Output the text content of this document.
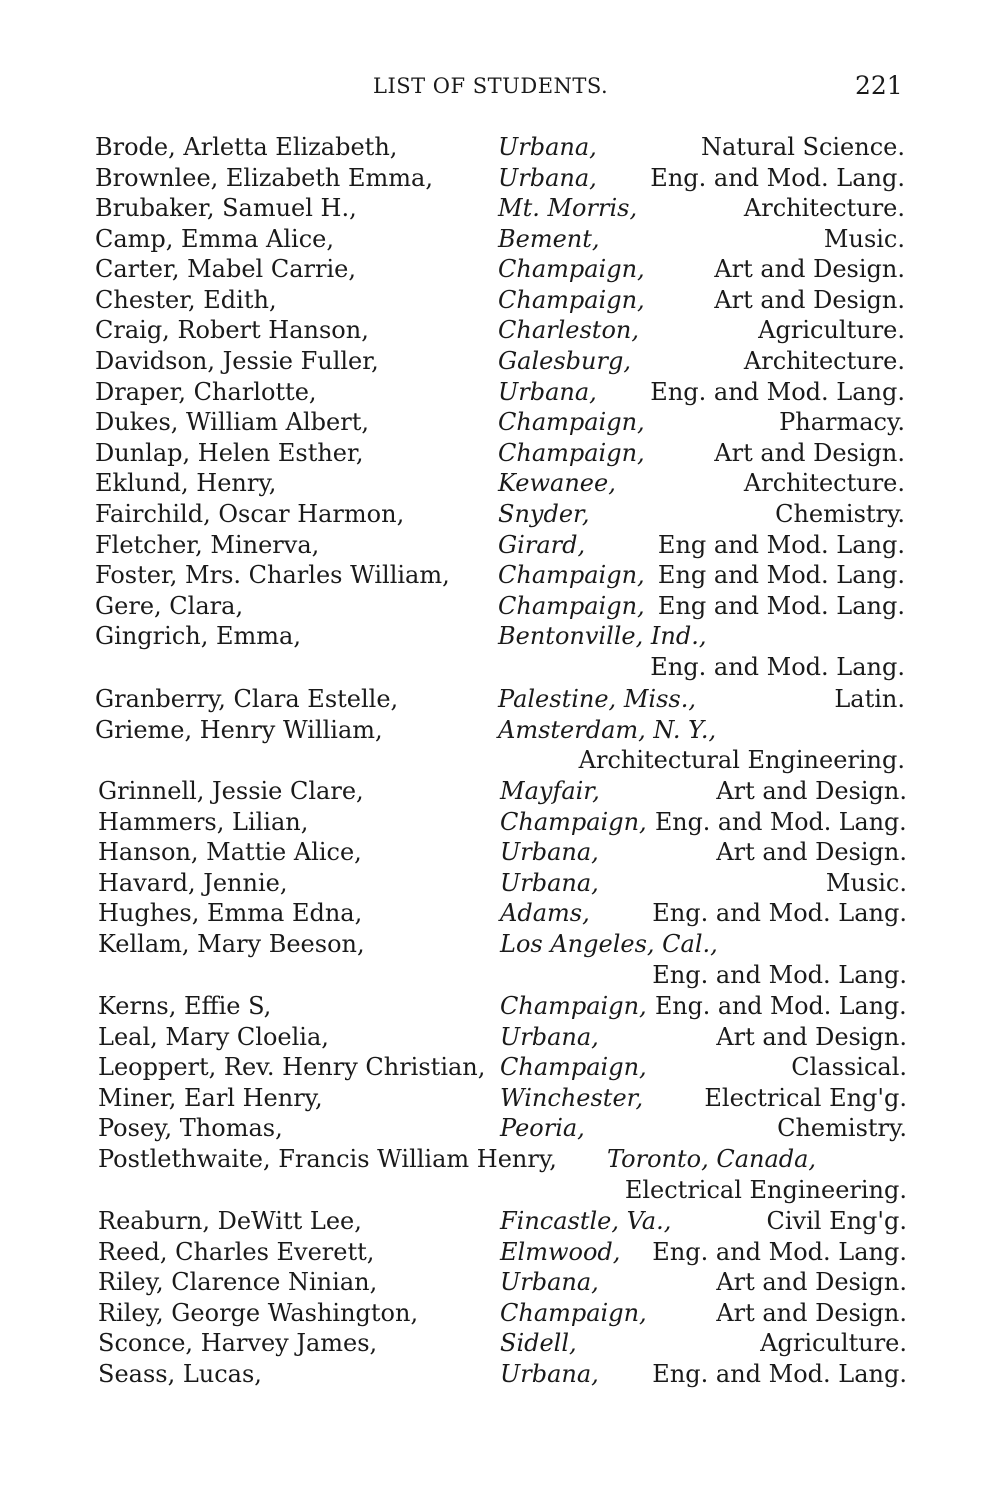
LIST OF STUDENTS.	221
Brode, Arletta Elizabeth,	Urbana,	Natural Science.
Brownlee, Elizabeth Emma,	Urbana, Eng. and Mod. Lang.
Brubaker, Samuel H.,	Mt. Morris,	Architecture.
Camp, Emma Alice,	Bement,	Music.
Carter, Mabel Carrie,	Champaign,	Art and Design.
Chester, Edith,	Champaign,	Art and Design.
Craig, Robert Hanson,	Charleston,	Agriculture.
Davidson, Jessie Fuller,	Galesburg,	Architecture.
Draper, Charlotte,	Urbana, Eng. and Mod. Lang.
Dukes, William Albert,	Champaign,	Pharmacy.
Dunlap, Helen Esther,	Champaign,	Art and Design.
Eklund, Henry,	Kewanee,	Architecture.
Fairchild, Oscar Harmon,	Snyder,	Chemistry.
Fletcher, Minerva,	Girard,	Eng and Mod. Lang.
Foster, Mrs. Charles William, Champaign, Eng and Mod. Lang.
Gere, Clara,	Champaign, Eng and Mod. Lang.
Gingrich, Emma,	Bentonville, Ind.,
Eng. and Mod. Lang.
Granberry, Clara Estelle,	Palestine, Miss.,	Latin.
Grieme, Henry William,	Amsterdam, N. Y.,
Architectural Engineering.
Grinnell, Jessie Clare,	Mayfair,	Art and Design.
Hammers, Lilian,	Champaign, Eng. and Mod. Lang.
Hanson, Mattie Alice,	Urbana,	Art and Design.
Havard, Jennie,	Urbana,	Music.
Hughes, Emma Edna,	Adams,	Eng. and Mod. Lang.
Kellam, Mary Beeson,	Los Angeles, Cal.,
Eng. and Mod. Lang.
Kerns, Effie S,	Champaign, Eng. and Mod. Lang.
Leal, Mary Cloelia,	Urbana,	Art and Design.
Leoppert, Rev. Henry Christian, Champaign,	Classical.
Miner, Earl Henry,	Winchester,	Electrical Eng'g.
Posey, Thomas,	Peoria,	Chemistry.
Postlethwaite, Francis William Henry, Toronto, Canada,
Electrical Engineering.
Reaburn, DeWitt Lee,	Fincastle, Va.,	Civil Eng'g.
Reed, Charles Everett,	Elmwood, Eng. and Mod. Lang.
Riley, Clarence Ninian,	Urbana,	Art and Design.
Riley, George Washington,	Champaign,	Art and Design.
Sconce, Harvey James,	Sidell,	Agriculture.
Seass, Lucas,	Urbana, Eng. and Mod. Lang.
